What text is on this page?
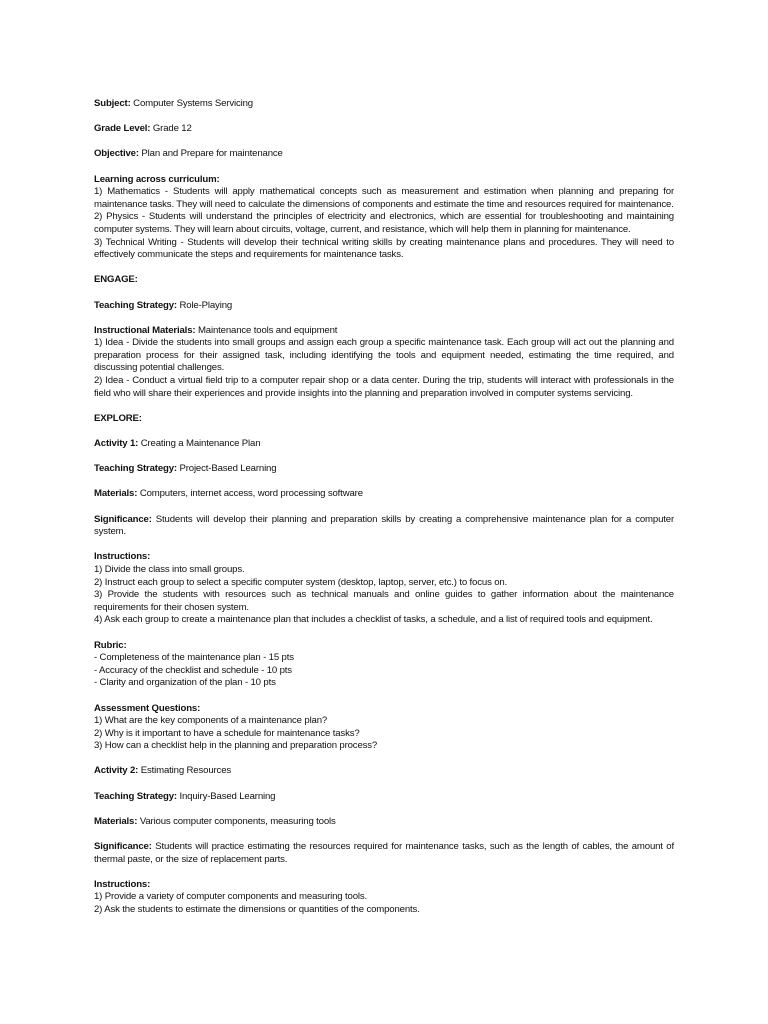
Subject: Computer Systems Servicing
Grade Level: Grade 12
Objective: Plan and Prepare for maintenance
Learning across curriculum:
1) Mathematics - Students will apply mathematical concepts such as measurement and estimation when planning and preparing for maintenance tasks. They will need to calculate the dimensions of components and estimate the time and resources required for maintenance.
2) Physics - Students will understand the principles of electricity and electronics, which are essential for troubleshooting and maintaining computer systems. They will learn about circuits, voltage, current, and resistance, which will help them in planning for maintenance.
3) Technical Writing - Students will develop their technical writing skills by creating maintenance plans and procedures. They will need to effectively communicate the steps and requirements for maintenance tasks.
ENGAGE:
Teaching Strategy: Role-Playing
Instructional Materials: Maintenance tools and equipment
1) Idea - Divide the students into small groups and assign each group a specific maintenance task. Each group will act out the planning and preparation process for their assigned task, including identifying the tools and equipment needed, estimating the time required, and discussing potential challenges.
2) Idea - Conduct a virtual field trip to a computer repair shop or a data center. During the trip, students will interact with professionals in the field who will share their experiences and provide insights into the planning and preparation involved in computer systems servicing.
EXPLORE:
Activity 1: Creating a Maintenance Plan
Teaching Strategy: Project-Based Learning
Materials: Computers, internet access, word processing software
Significance: Students will develop their planning and preparation skills by creating a comprehensive maintenance plan for a computer system.
Instructions:
1) Divide the class into small groups.
2) Instruct each group to select a specific computer system (desktop, laptop, server, etc.) to focus on.
3) Provide the students with resources such as technical manuals and online guides to gather information about the maintenance requirements for their chosen system.
4) Ask each group to create a maintenance plan that includes a checklist of tasks, a schedule, and a list of required tools and equipment.
Rubric:
- Completeness of the maintenance plan - 15 pts
- Accuracy of the checklist and schedule - 10 pts
- Clarity and organization of the plan - 10 pts
Assessment Questions:
1) What are the key components of a maintenance plan?
2) Why is it important to have a schedule for maintenance tasks?
3) How can a checklist help in the planning and preparation process?
Activity 2: Estimating Resources
Teaching Strategy: Inquiry-Based Learning
Materials: Various computer components, measuring tools
Significance: Students will practice estimating the resources required for maintenance tasks, such as the length of cables, the amount of thermal paste, or the size of replacement parts.
Instructions:
1) Provide a variety of computer components and measuring tools.
2) Ask the students to estimate the dimensions or quantities of the components.
